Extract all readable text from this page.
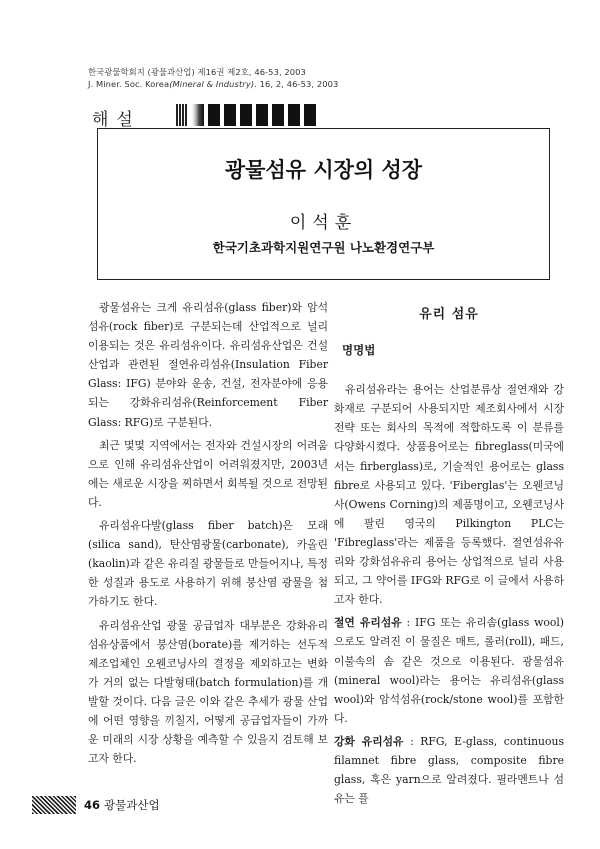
한국광물학회지 (광물과산업) 제16권 제2호, 46-53, 2003
J. Miner. Soc. Korea(Mineral & Industry). 16, 2, 46-53, 2003
해설
광물섬유 시장의 성장
이석훈
한국기초과학지원연구원 나노환경연구부

광물섬유는 크게 유리섬유(glass fiber)와 암석섬유(rock fiber)로 구분되는데 산업적으로 널리 이용되는 것은 유리섬유이다. 유리섬유산업은 건설산업과 관련된 절연유리섬유(Insulation Fiber Glass: IFG) 분야와 운송, 건설, 전자분야에 응용되는 강화유리섬유(Reinforcement Fiber Glass: RFG)로 구분된다.

최근 몇몇 지역에서는 전자와 건설시장의 어려움으로 인해 유리섬유산업이 어려워졌지만, 2003년에는 새로운 시장을 찌하면서 회복될 것으로 전망된다.

유리섬유다발(glass fiber batch)은 모래(silica sand), 탄산염광물(carbonate), 카올린(kaolin)과 같은 유리질 광물들로 만들어지나, 특정한 성질과 용도로 사용하기 위해 붕산염 광물을 첨가하기도 한다.

유리섬유산업 광물 공급업자 대부분은 강화유리 섬유상품에서 붕산염(borate)를 제거하는 선두적 제조업체인 오웬코닝사의 결정을 제외하고는 변화가 거의 없는 다발형태(batch formulation)를 개발할 것이다. 다음 글은 이와 같은 추세가 광물 산업에 어떤 영향을 끼칠지, 어떻게 공급업자들이 가까운 미래의 시장 상황을 예측할 수 있을지 검토해 보고자 한다.

유리 섬유
명명법

유리섬유라는 용어는 산업분류상 절연재와 강화재로 구분되어 사용되지만 제조회사에서 시장전략 또는 회사의 목적에 적합하도록 이 분류를 다양화시켰다. 상품용어로는 fibreglass(미국에서는 firberglass)로, 기술적인 용어로는 glass fibre로 사용되고 있다. 'Fiberglas'는 오웬코닝사(Owens Corning)의 제품명이고, 오웬코닝사에 팔린 영국의 Pilkington PLC는 'Fibreglass'라는 제품을 등록했다. 절연섬유유리와 강화섬유유리 용어는 상업적으로 널리 사용되고, 그 약어를 IFG와 RFG로 이 글에서 사용하고자 한다.

절연 유리섬유 : IFG 또는 유리솜(glass wool)으로도 알려진 이 물질은 매트, 롤러(roll), 패드, 이불속의 솜 같은 것으로 이용된다. 광물섬유(mineral wool)라는 용어는 유리섬유(glass wool)와 암석섬유(rock/stone wool)를 포함한다.

강화 유리섬유 : RFG, E-glass, continuous filamnet fibre glass, composite fibre glass, 혹은 yarn으로 알려졌다. 필라멘트나 섬유는 플

46 광물과산업
